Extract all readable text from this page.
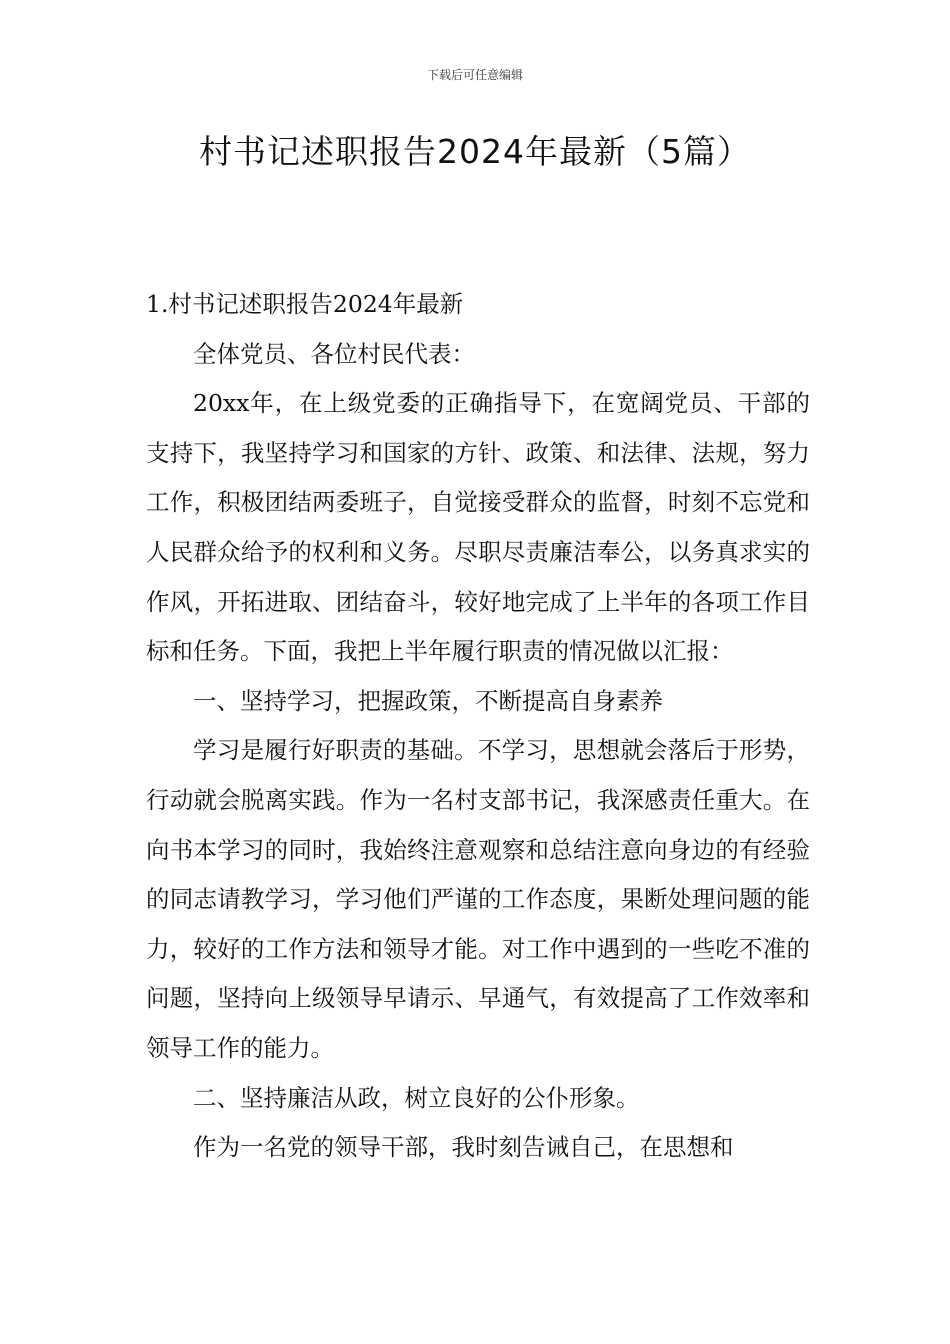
下载后可任意编辑
村书记述职报告2024年最新（5篇）

1.村书记述职报告2024年最新

全体党员、各位村民代表：

20xx年，在上级党委的正确指导下，在宽阔党员、干部的支持下，我坚持学习和国家的方针、政策、和法律、法规，努力工作，积极团结两委班子，自觉接受群众的监督，时刻不忘党和人民群众给予的权利和义务。尽职尽责廉洁奉公，以务真求实的作风，开拓进取、团结奋斗，较好地完成了上半年的各项工作目标和任务。下面，我把上半年履行职责的情况做以汇报：

一、坚持学习，把握政策，不断提高自身素养

学习是履行好职责的基础。不学习，思想就会落后于形势，行动就会脱离实践。作为一名村支部书记，我深感责任重大。在向书本学习的同时，我始终注意观察和总结注意向身边的有经验的同志请教学习，学习他们严谨的工作态度，果断处理问题的能力，较好的工作方法和领导才能。对工作中遇到的一些吃不准的问题，坚持向上级领导早请示、早通气，有效提高了工作效率和领导工作的能力。

二、坚持廉洁从政，树立良好的公仆形象。

作为一名党的领导干部，我时刻告诫自己，在思想和
